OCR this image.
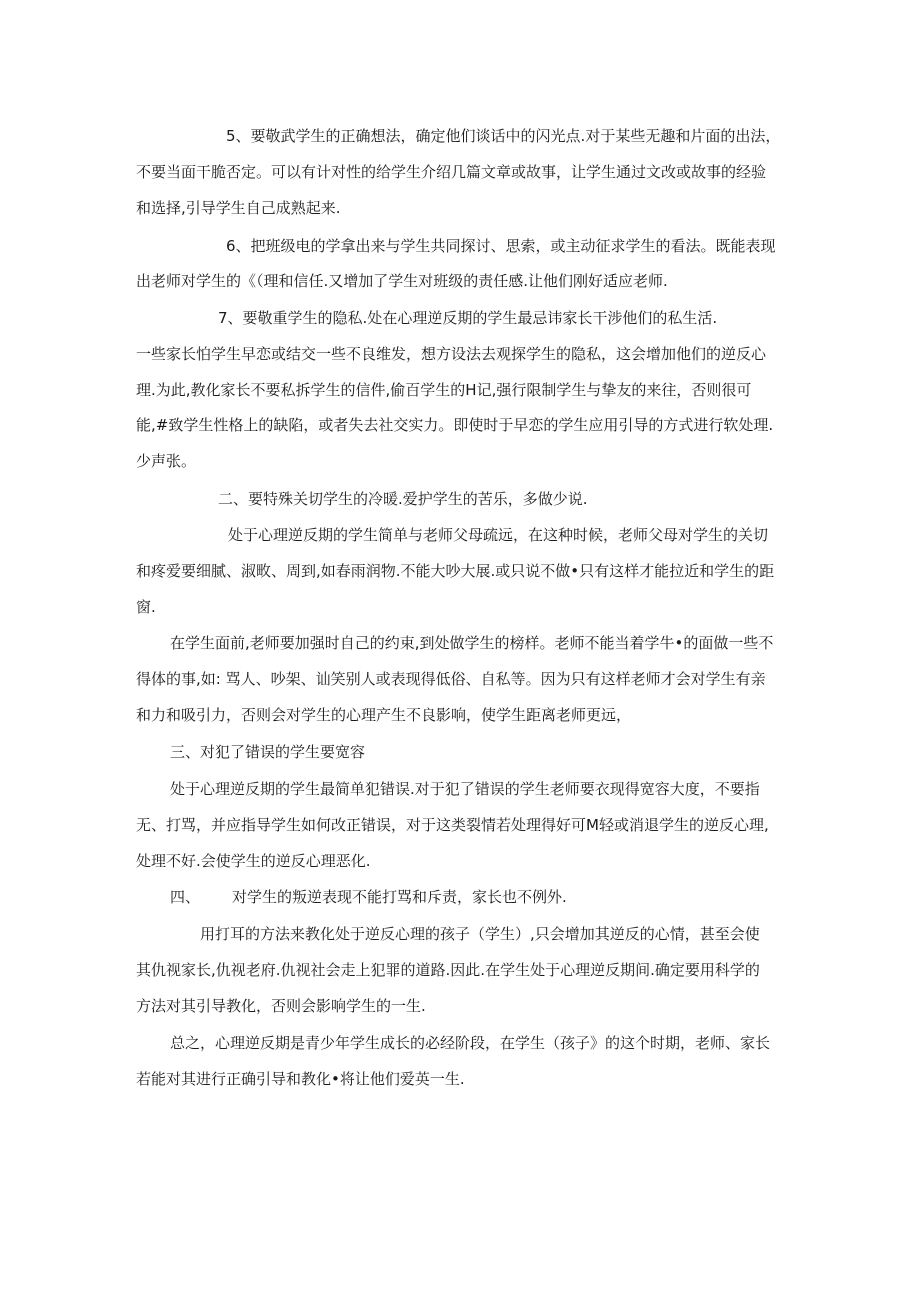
5、要敬武学生的正确想法，确定他们谈话中的闪光点.对于某些无趣和片面的出法，
不要当面干脆否定。可以有计对性的给学生介绍几篇文章或故事，让学生通过文改或故事的经验
和选择,引导学生自己成熟起来.
6、把班级电的学拿出来与学生共同探讨、思索，或主动征求学生的看法。既能表现
出老师对学生的《（理和信任.又增加了学生对班级的责任感.让他们刚好适应老师.
7、要敬重学生的隐私.处在心理逆反期的学生最忌讳家长干涉他们的私生活.
一些家长怕学生早恋或结交一些不良维发，想方设法去观探学生的隐私，这会增加他们的逆反心
理.为此,教化家长不要私拆学生的信件,偷百学生的H记,强行限制学生与挚友的来往，否则很可
能,#致学生性格上的缺陷，或者失去社交实力。即使时于早恋的学生应用引导的方式进行软处理.
少声张。
二、要特殊关切学生的冷暖.爱护学生的苦乐，多做少说.
处于心理逆反期的学生简单与老师父母疏远，在这种时候，老师父母对学生的关切
和疼爱要细腻、淑畋、周到,如春雨润物.不能大吵大展.或只说不做•只有这样才能拉近和学生的距
窗.
在学生面前,老师要加强时自己的约束,到处做学生的榜样。老师不能当着学牛•的面做一些不
得体的事,如: 骂人、吵架、讪笑别人或表现得低俗、自私等。因为只有这样老师才会对学生有亲
和力和吸引力，否则会对学生的心理产生不良影响，使学生距离老师更远，
三、对犯了错误的学生要宽容
处于心理逆反期的学生最简单犯错误.对于犯了错误的学生老师要衣现得宽容大度，不要指
无、打骂，并应指导学生如何改正错误，对于这类裂情若处理得好可M轻或消退学生的逆反心理,
处理不好.会使学生的逆反心理恶化.
四、 对学生的叛逆表现不能打骂和斥责，家长也不例外.
用打耳的方法来教化处于逆反心理的孩子（学生）,只会增加其逆反的心情，甚至会使
其仇视家长,仇视老府.仇视社会走上犯罪的道路.因此.在学生处于心理逆反期间.确定要用科学的
方法对其引导教化，否则会影响学生的一生.
总之，心理逆反期是青少年学生成长的必经阶段，在学生（孩子》的这个时期，老师、家长
若能对其进行正确引导和教化•将让他们爱英一生.
